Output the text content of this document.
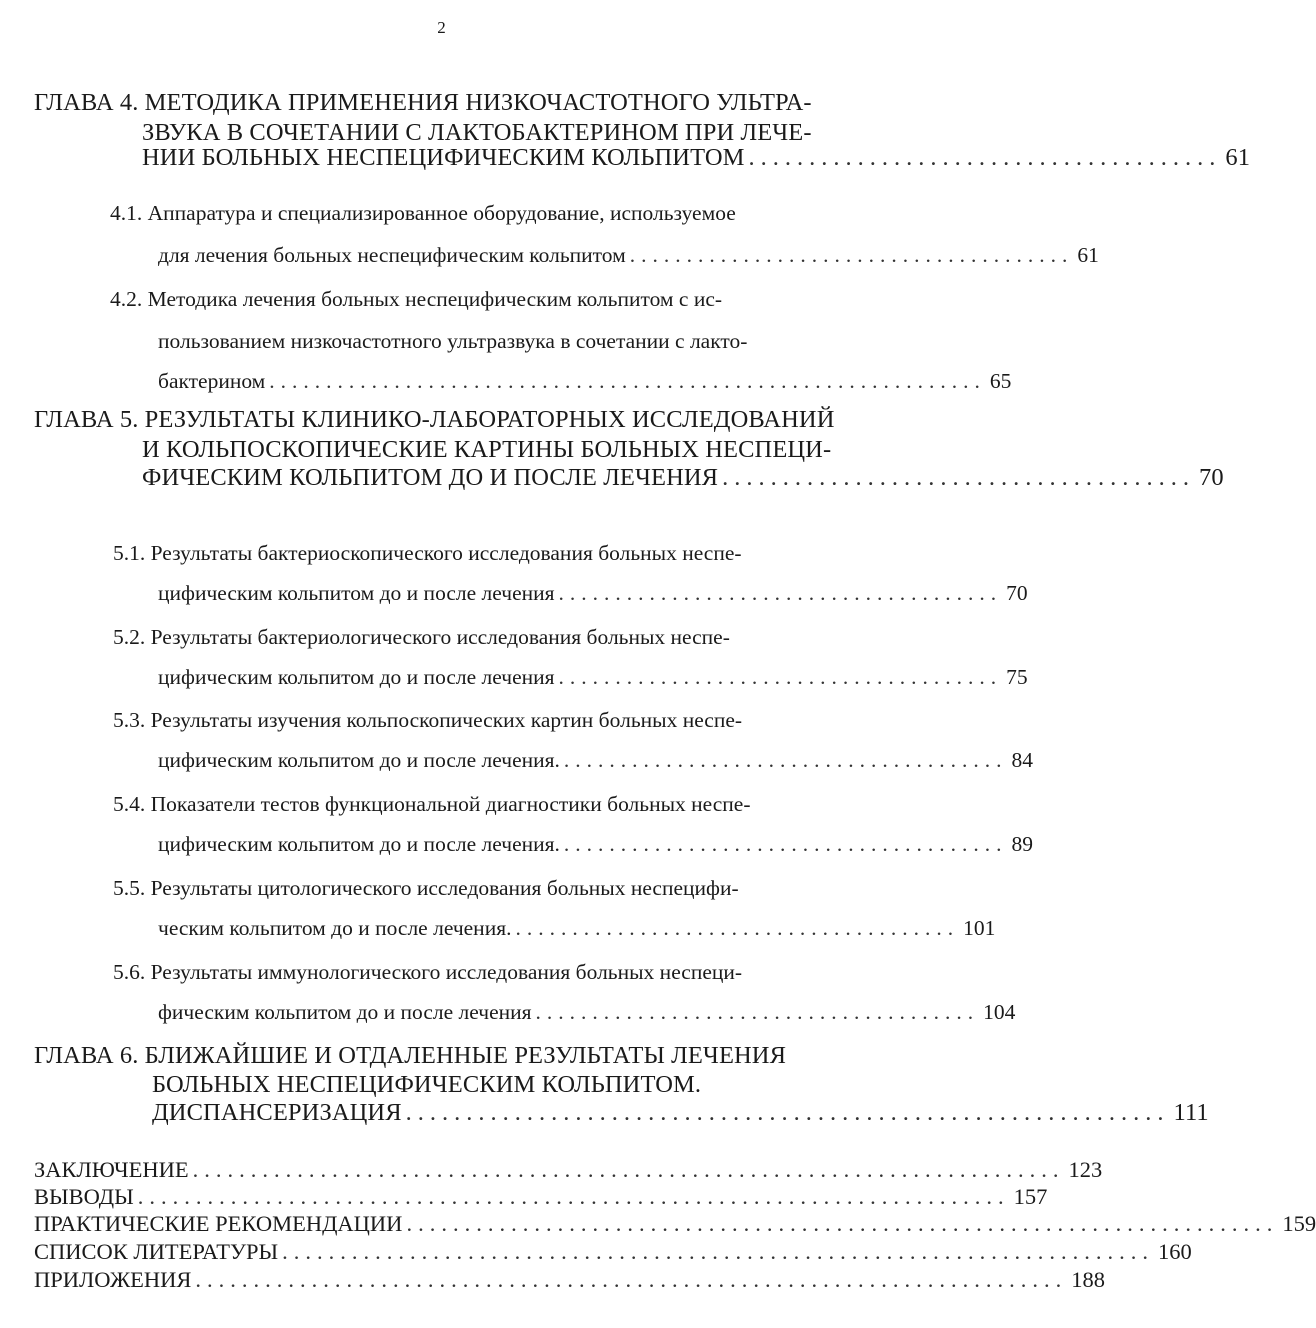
2
ГЛАВА 4. МЕТОДИКА ПРИМЕНЕНИЯ НИЗКОЧАСТОТНОГО УЛЬТРА-
ЗВУКА В СОЧЕТАНИИ С ЛАКТОБАКТЕРИНОМ ПРИ ЛЕЧЕ-
НИИ БОЛЬНЫХ НЕСПЕЦИФИЧЕСКИМ КОЛЬПИТОМ ....................................... 61
4.1. Аппаратура и специализированное оборудование, используемое
для лечения больных неспецифическим кольпитом ....................................... 61
4.2. Методика лечения больных неспецифическим кольпитом с ис-
пользованием низкочастотного ультразвука в сочетании с лакто-
бактерином ............................................................... 65
ГЛАВА 5. РЕЗУЛЬТАТЫ КЛИНИКО-ЛАБОРАТОРНЫХ ИССЛЕДОВАНИЙ
И КОЛЬПОСКОПИЧЕСКИЕ КАРТИНЫ БОЛЬНЫХ НЕСПЕЦИ-
ФИЧЕСКИМ КОЛЬПИТОМ ДО И ПОСЛЕ ЛЕЧЕНИЯ ....................................... 70
5.1. Результаты бактериоскопического исследования больных неспе-
цифическим кольпитом до и после лечения ....................................... 70
5.2. Результаты бактериологического исследования больных неспе-
цифическим кольпитом до и после лечения ....................................... 75
5.3. Результаты изучения кольпоскопических картин больных неспе-
цифическим кольпитом до и после лечения. ....................................... 84
5.4. Показатели тестов функциональной диагностики больных неспе-
цифическим кольпитом до и после лечения. ....................................... 89
5.5. Результаты цитологического исследования больных неспецифи-
ческим кольпитом до и после лечения. ....................................... 101
5.6. Результаты иммунологического исследования больных неспеци-
фическим кольпитом до и после лечения ....................................... 104
ГЛАВА 6. БЛИЖАЙШИЕ И ОТДАЛЕННЫЕ РЕЗУЛЬТАТЫ ЛЕЧЕНИЯ
БОЛЬНЫХ НЕСПЕЦИФИЧЕСКИМ КОЛЬПИТОМ.
ДИСПАНСЕРИЗАЦИЯ ............................................................... 111
ЗАКЛЮЧЕНИЕ ........................................................................... 123
ВЫВОДЫ ........................................................................... 157
ПРАКТИЧЕСКИЕ РЕКОМЕНДАЦИИ ........................................................................... 159
СПИСОК ЛИТЕРАТУРЫ ........................................................................... 160
ПРИЛОЖЕНИЯ ........................................................................... 188
